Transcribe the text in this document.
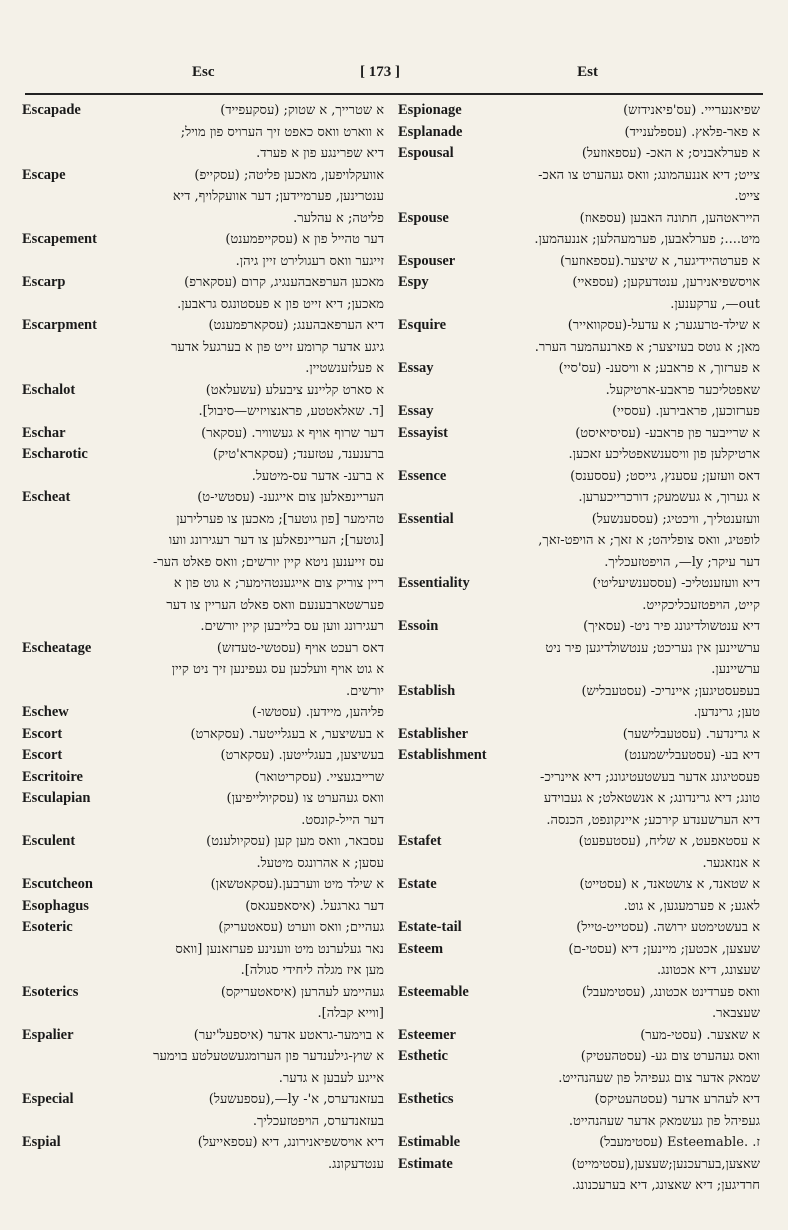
Esc	[ 173 ]	Est
Escapade	א שטרייך, א שטוק; (עסקעפייד)
א ווארט וואס כאפט זיך הערויס פון מויל;
דיא שפרינגע פון א פערד.
Escape	אוועקלויפען, מאכען פליטה; (עסקייפ)
ענטרינען, פערמיידען; דער אוועקלויף, דיא
פליטה; א עהלער.
Escapement	דער טהייל פון א (עסקייפמענט)
זייגער וואס רעגולירט זיין גיהן.
Escarp	מאכען הערפאבהענגיג, קרום (עסקארפ)
מאכען; דיא זייט פון א פעסטונגס גראבען.
Escarpment	דיא הערפאבהענג; (עסקארפמענט)
גיגע אדער קרומע זייט פון א בערגעל אדער
א פעלזענשטיין.
Eschalot	א סארט קליינע ציבעלע (עשעלאט)
[ד. שאלאטטע, פראנצויזיש—סיבול].
Eschar	דער שרוף אויף א געשוויר. (עסקאר)
Escharotic	ברענענד, עטזענד; (עסקארא'טיק)
א ברענ- אדער עס-מיטעל.
Escheat	העריינפאלען צום אייגענ- (עסטשי-ט)
טהימער [פון גוטער]; מאכען צו פערלירען
[גוטער]; העריינפאלען צו דער רעגירונג וועו
עס זייענען ניטא קיין יורשים; וואס פאלט הער-
ריין צוריק צום אייגענטהימער; א גוט פון א
פערשטארבענעם וואס פאלט העריין צו דער
רעגירונג ווען עס בלייבען קיין יורשים.
Escheatage	דאס רעכט אויף (עסטשי-טעדזש)
א גוט אויף וועלכען עס געפינען זיך ניט קיין
יורשים.
Eschew	פליהען, מיידען. (עסטשו-)
Escort	א בעשיצער, א בעגלייטער. (עסקארט)
Escort	בעשיצען, בעגלייטען. (עסקארט)
Escritoire	שרייבגעציי. (עסקריטואר)
Esculapian	וואס געהערט צו (עסקיולייפיען)
דער הייל-קונסט.
Esculent	עסבאר, וואס מען קען (עסקיולענט)
עסען; א אהרונגס מיטעל.
Escutcheon	א שילד מיט ווערבען.(עסקאטשאן)
Esophagus	דער גארגעל. (איסאפעגאס)
Esoteric	געהיים; וואס ווערט (עסאטעריק)
נאר געלערנט מיט ווענינע פערזאנען [וואס
מען איז מגלה ליחידי סגולה].
Esoterics	געהיימע לעהרען (איסאטעריקס)
[ווייא קבלה].
Espalier	א בוימער-גראטע אדער (איספעל'יער)
א שוץ-גילענדער פון הערומגעשטעלטע בוימער
אייגע לעבען א גדער.
Especial	בעזאנדערס, א'- ly—,(עספעשעל)
בעזאנדערס, הויפטזעכליך.
Espial	דיא אויסשפיאנירונג, דיא (עספאייעל)
ענטדעקונג.
Espionage	שפיאנערייי. (עס'פיאנידזש)
Esplanade	א פאר-פלאץ. (עספלענייד)
Espousal	א פערלאבניס; א האכ- (עספאוזעל)
צייט; דיא אננעהמונג; וואס געהערט צו האכ-
צייט.
Espouse	הייראטהען, חתונה האבען (עספאוז)
מיט....; פערלאבען, פערמעהלען; אננעהמען.
Espouser	א פערטהיידיגער, א שיצער.(עספאוזער)
Espy	אויסשפיאנירען, ענטדעקען; (עספאיי)
out—, ערקענען.
Esquire	א שילד-טרעגער; א עדעל-(עסקוואייר)
מאן; א גוטס בעזיצער; א פארנעהמער הערר.
Essay	א פערזוך, א פראבע; א וויסענ- (עס'סיי)
שאפטליכער פראבע-ארטיקעל.
Essay	פערזוכען, פראבירען. (עססיי)
Essayist	א שרייבער פון פראבע- (עסיסיאיסט)
ארטיקלען פון וויסענשאפטליכע זאכען.
Essence	דאס וועזען; עסענץ, גייסט; (עססענס)
א גערוך, א געשמעק; דורכרייכערען.
Essential	וועזענטליך, וויכטיג; (עססענשעל)
לופטיג, וואס צופליהט; א זאך; א הויפט-זאך,
דער עיקר; ly—, הויפטזעכליך.
Essentiality	דיא וועזענטליכ- (עססענשיעליטי)
קייט, הויפטזעכליכקייט.
Essoin	דיא ענטשולדיגונג פיר ניט- (עסאיך)
ערשיינען אין געריכט; ענטשולדיגען פיר ניט
ערשיינען.
Establish	בעפעסטיגען; איינריכ- (עסטעבליש)
טען; גרינדען.
Establisher	א גרינדער. (עסטעבלישער)
Establishment	דיא בע- (עסטעבלישמענט)
פעסטיגונג אדער בעשטעטיגונג; דיא איינריכ-
טונג; דיא גרינדונג; א אנשטאלט; א געבוידע
דיא הערשענדע קירכע; איינקונפט, הכנסה.
Estafet	א עסטאפעט, א שליח, (עסטעפעט)
א אנזאגער.
Estate	א שטאנד, א צושטאנד, א (עסטייט)
לאגע; א פערמעגען, א גוט.
Estate-tail	א בעשטימטע ירושה. (עסטייט-טייל)
Esteem	שעצען, אכטען; מיינען; דיא (עסטי-ם)
שעצונג, דיא אכטונג.
Esteemable	וואס פערדינט אכטונג, (עסטימעבל)
שעצבאר.
Esteemer	א שאצער. (עסטי-מער)
Esthetic	וואס געהערט צום גע- (עסטהעטיק)
שמאק אדער צום געפיהל פון שעהנהייט.
Esthetics	דיא לעהרע אדער (עסטהעטיקס)
געפיהל פון געשמאק אדער שעהנהייט.
Estimable	ז. .Esteemable (עסטימעבל)
Estimate	שאצען,בערעכנען;שעצען,(עסטימייט)
חרדיגען; דיא שאצונג, דיא בערעכנונג.
